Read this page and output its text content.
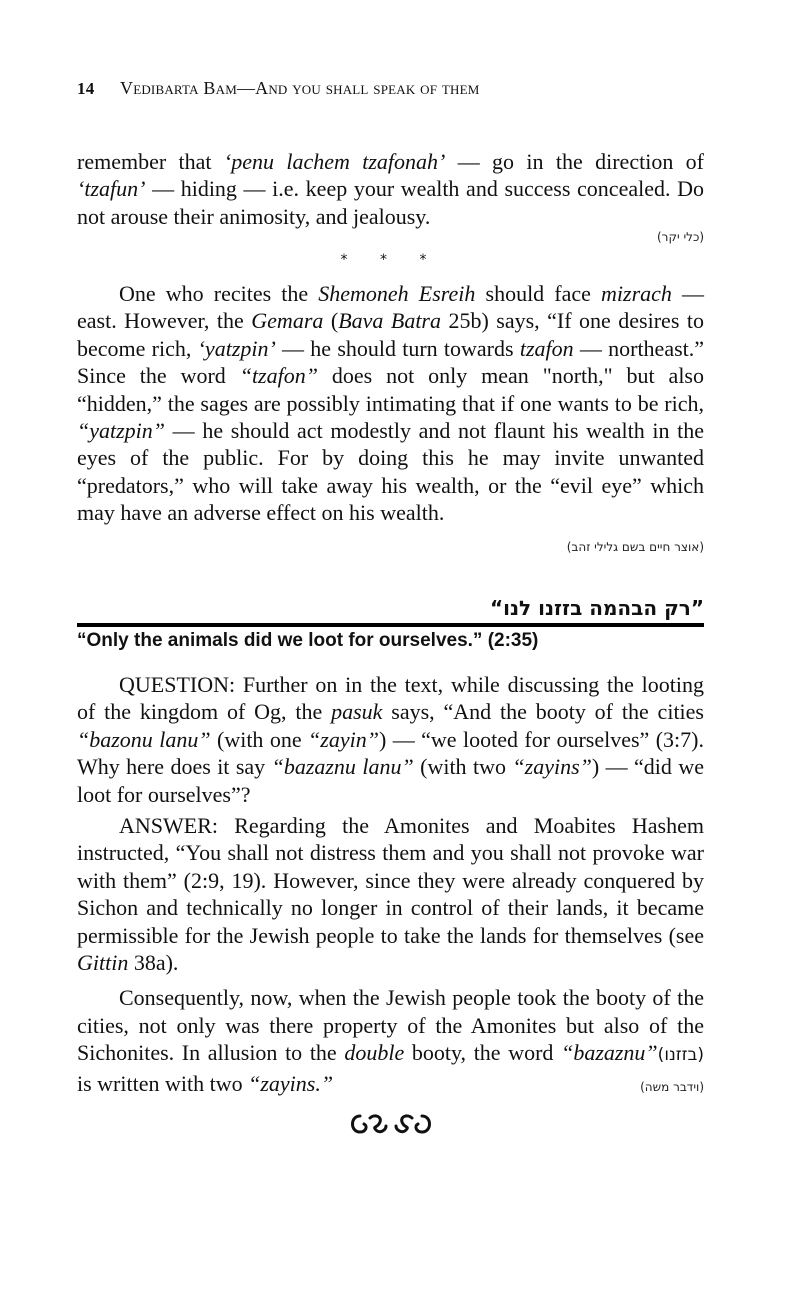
14 Vedibarta Bam—And you shall speak of them

remember that ‘penu lachem tzafonah’ — go in the direction of ‘tzafun’ — hiding — i.e. keep your wealth and success concealed. Do not arouse their animosity, and jealousy.

(כלי יקר)
* * *

One who recites the Shemoneh Esreih should face mizrach — east. However, the Gemara (Bava Batra 25b) says, “If one desires to become rich, ‘yatzpin’ — he should turn towards tzafon — northeast.” Since the word “tzafon” does not only mean "north," but also “hidden,” the sages are possibly intimating that if one wants to be rich, “yatzpin” — he should act modestly and not flaunt his wealth in the eyes of the public. For by doing this he may invite unwanted “predators,” who will take away his wealth, or the “evil eye” which may have an adverse effect on his wealth.

(אוצר חיים בשם גלילי זהב)
”רק הבהמה בזזנו לנו“
“Only the animals did we loot for ourselves.” (2:35)

QUESTION: Further on in the text, while discussing the looting of the kingdom of Og, the pasuk says, “And the booty of the cities “bazonu lanu” (with one “zayin”) — “we looted for ourselves” (3:7). Why here does it say “bazaznu lanu” (with two “zayins”) — “did we loot for ourselves”?

ANSWER: Regarding the Amonites and Moabites Hashem instructed, “You shall not distress them and you shall not provoke war with them” (2:9, 19). However, since they were already conquered by Sichon and technically no longer in control of their lands, it became permissible for the Jewish people to take the lands for themselves (see Gittin 38a).

Consequently, now, when the Jewish people took the booty of the cities, not only was there property of the Amonites but also of the Sichonites. In allusion to the double booty, the word “bazaznu”(בזזנו) is written with two “zayins.”	(וידבר משה)
